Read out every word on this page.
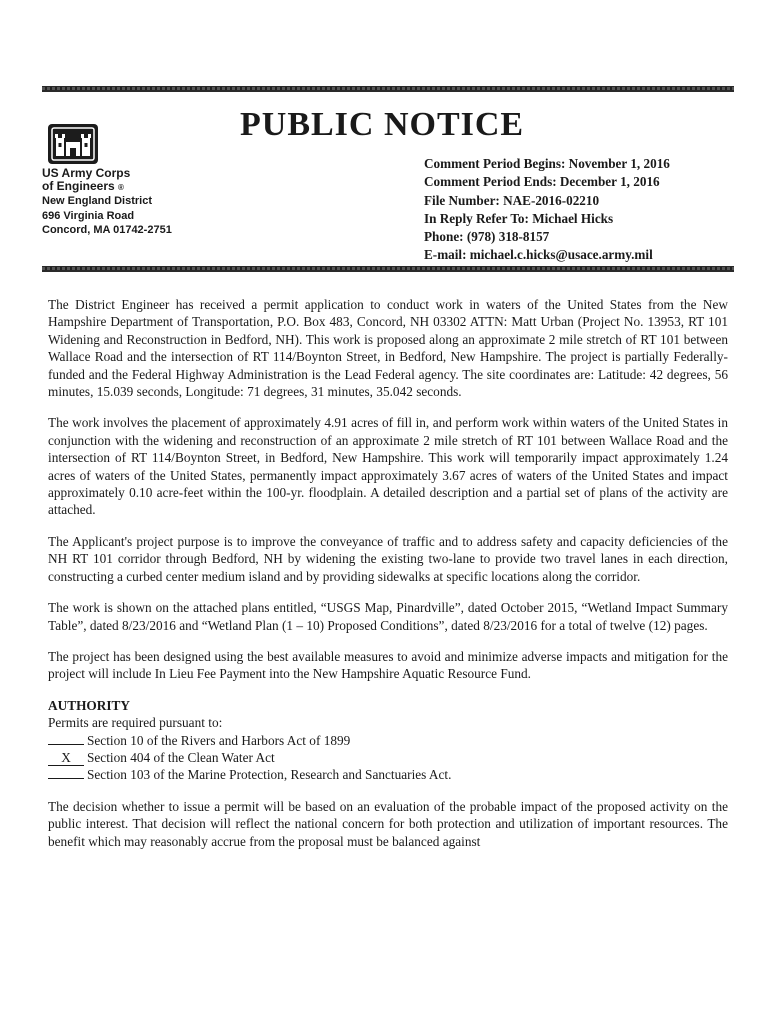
PUBLIC NOTICE
US Army Corps
of Engineers ®
New England District
696 Virginia Road
Concord, MA 01742-2751
Comment Period Begins: November 1, 2016
Comment Period Ends: December 1, 2016
File Number: NAE-2016-02210
In Reply Refer To: Michael Hicks
Phone: (978) 318-8157
E-mail: michael.c.hicks@usace.army.mil

The District Engineer has received a permit application to conduct work in waters of the United States from the New Hampshire Department of Transportation, P.O. Box 483, Concord, NH 03302 ATTN: Matt Urban (Project No. 13953, RT 101 Widening and Reconstruction in Bedford, NH). This work is proposed along an approximate 2 mile stretch of RT 101 between Wallace Road and the intersection of RT 114/Boynton Street, in Bedford, New Hampshire. The project is partially Federally-funded and the Federal Highway Administration is the Lead Federal agency. The site coordinates are: Latitude: 42 degrees, 56 minutes, 15.039 seconds, Longitude: 71 degrees, 31 minutes, 35.042 seconds.

The work involves the placement of approximately 4.91 acres of fill in, and perform work within waters of the United States in conjunction with the widening and reconstruction of an approximate 2 mile stretch of RT 101 between Wallace Road and the intersection of RT 114/Boynton Street, in Bedford, New Hampshire. This work will temporarily impact approximately 1.24 acres of waters of the United States, permanently impact approximately 3.67 acres of waters of the United States and impact approximately 0.10 acre-feet within the 100-yr. floodplain. A detailed description and a partial set of plans of the activity are attached.

The Applicant's project purpose is to improve the conveyance of traffic and to address safety and capacity deficiencies of the NH RT 101 corridor through Bedford, NH by widening the existing two-lane to provide two travel lanes in each direction, constructing a curbed center medium island and by providing sidewalks at specific locations along the corridor.

The work is shown on the attached plans entitled, “USGS Map, Pinardville”, dated October 2015, “Wetland Impact Summary Table”, dated 8/23/2016 and “Wetland Plan (1 – 10) Proposed Conditions”, dated 8/23/2016 for a total of twelve (12) pages.

The project has been designed using the best available measures to avoid and minimize adverse impacts and mitigation for the project will include In Lieu Fee Payment into the New Hampshire Aquatic Resource Fund.

AUTHORITY
Permits are required pursuant to:
Section 10 of the Rivers and Harbors Act of 1899
X	Section 404 of the Clean Water Act
Section 103 of the Marine Protection, Research and Sanctuaries Act.

The decision whether to issue a permit will be based on an evaluation of the probable impact of the proposed activity on the public interest. That decision will reflect the national concern for both protection and utilization of important resources. The benefit which may reasonably accrue from the proposal must be balanced against
